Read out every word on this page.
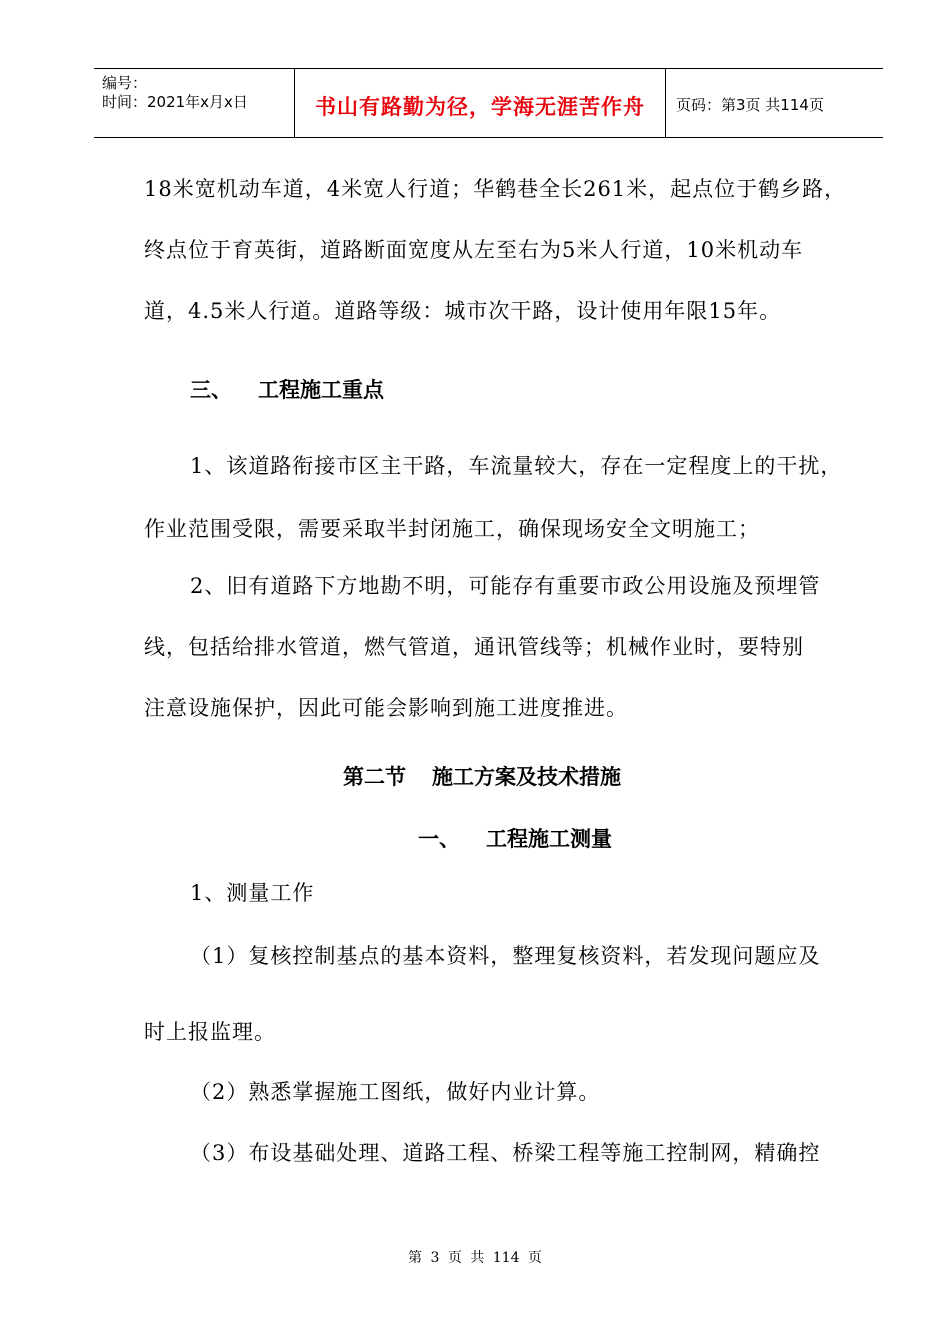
编号：
时间：2021年x月x日	书山有路勤为径，学海无涯苦作舟	页码：第3页 共114页
18米宽机动车道，4米宽人行道；华鹤巷全长261米，起点位于鹤乡路，
终点位于育英街，道路断面宽度从左至右为5米人行道，10米机动车
道，4.5米人行道。道路等级：城市次干路，设计使用年限15年。
三、 工程施工重点
1、该道路衔接市区主干路，车流量较大，存在一定程度上的干扰，
作业范围受限，需要采取半封闭施工，确保现场安全文明施工；
2、旧有道路下方地勘不明，可能存有重要市政公用设施及预埋管
线，包括给排水管道，燃气管道，通讯管线等；机械作业时，要特别
注意设施保护，因此可能会影响到施工进度推进。
第二节 施工方案及技术措施
一、 工程施工测量
1、测量工作
（1）复核控制基点的基本资料，整理复核资料，若发现问题应及
时上报监理。
（2）熟悉掌握施工图纸，做好内业计算。
（3）布设基础处理、道路工程、桥梁工程等施工控制网，精确控
第 3 页 共 114 页
